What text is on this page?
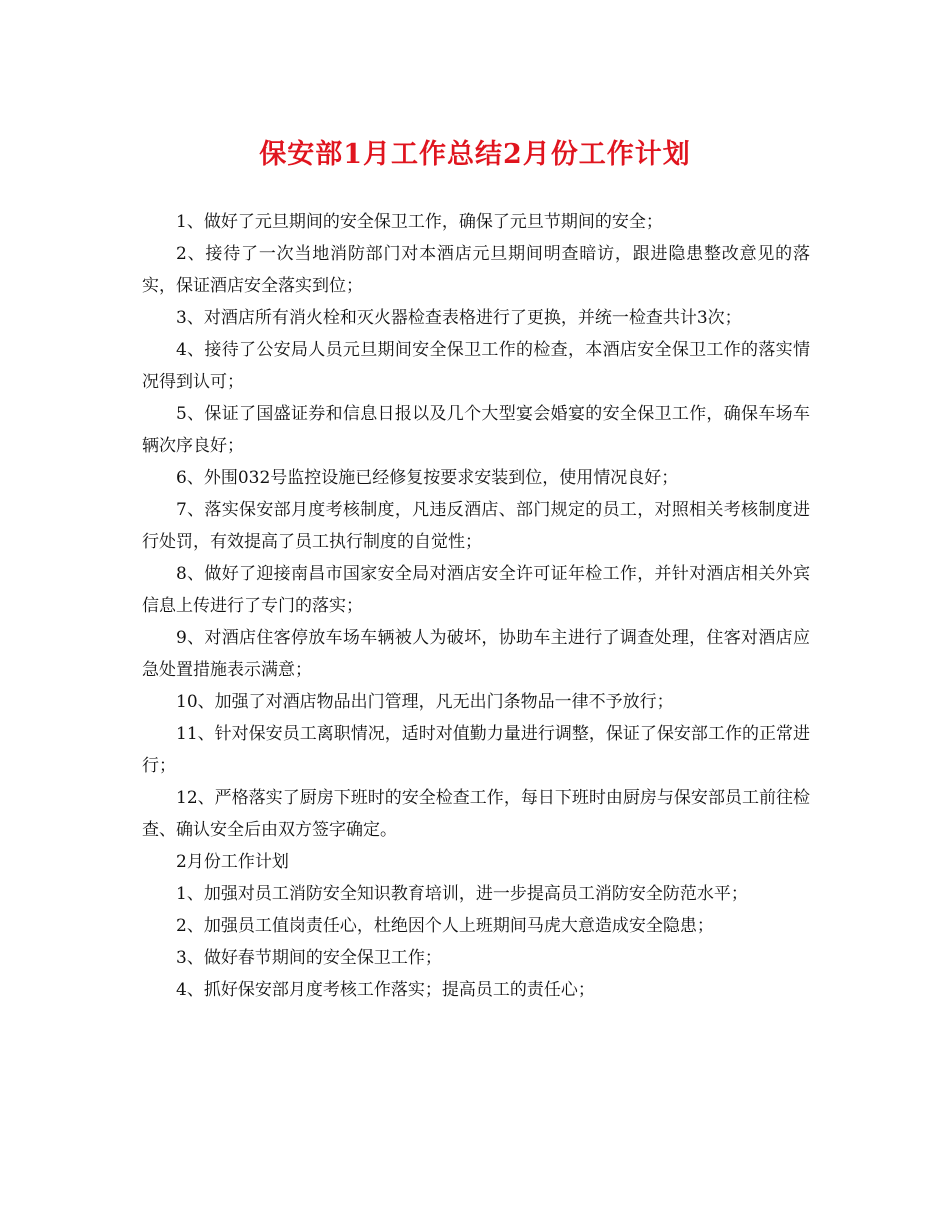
保安部1月工作总结2月份工作计划

1、做好了元旦期间的安全保卫工作，确保了元旦节期间的安全；

2、接待了一次当地消防部门对本酒店元旦期间明查暗访，跟进隐患整改意见的落实，保证酒店安全落实到位；

3、对酒店所有消火栓和灭火器检查表格进行了更换，并统一检查共计3次；

4、接待了公安局人员元旦期间安全保卫工作的检查，本酒店安全保卫工作的落实情况得到认可；

5、保证了国盛证券和信息日报以及几个大型宴会婚宴的安全保卫工作，确保车场车辆次序良好；

6、外围032号监控设施已经修复按要求安装到位，使用情况良好；

7、落实保安部月度考核制度，凡违反酒店、部门规定的员工，对照相关考核制度进行处罚，有效提高了员工执行制度的自觉性；

8、做好了迎接南昌市国家安全局对酒店安全许可证年检工作，并针对酒店相关外宾信息上传进行了专门的落实；

9、对酒店住客停放车场车辆被人为破坏，协助车主进行了调查处理，住客对酒店应急处置措施表示满意；

10、加强了对酒店物品出门管理，凡无出门条物品一律不予放行；

11、针对保安员工离职情况，适时对值勤力量进行调整，保证了保安部工作的正常进行；

12、严格落实了厨房下班时的安全检查工作，每日下班时由厨房与保安部员工前往检查、确认安全后由双方签字确定。

2月份工作计划

1、加强对员工消防安全知识教育培训，进一步提高员工消防安全防范水平；

2、加强员工值岗责任心，杜绝因个人上班期间马虎大意造成安全隐患；

3、做好春节期间的安全保卫工作；

4、抓好保安部月度考核工作落实；提高员工的责任心；
